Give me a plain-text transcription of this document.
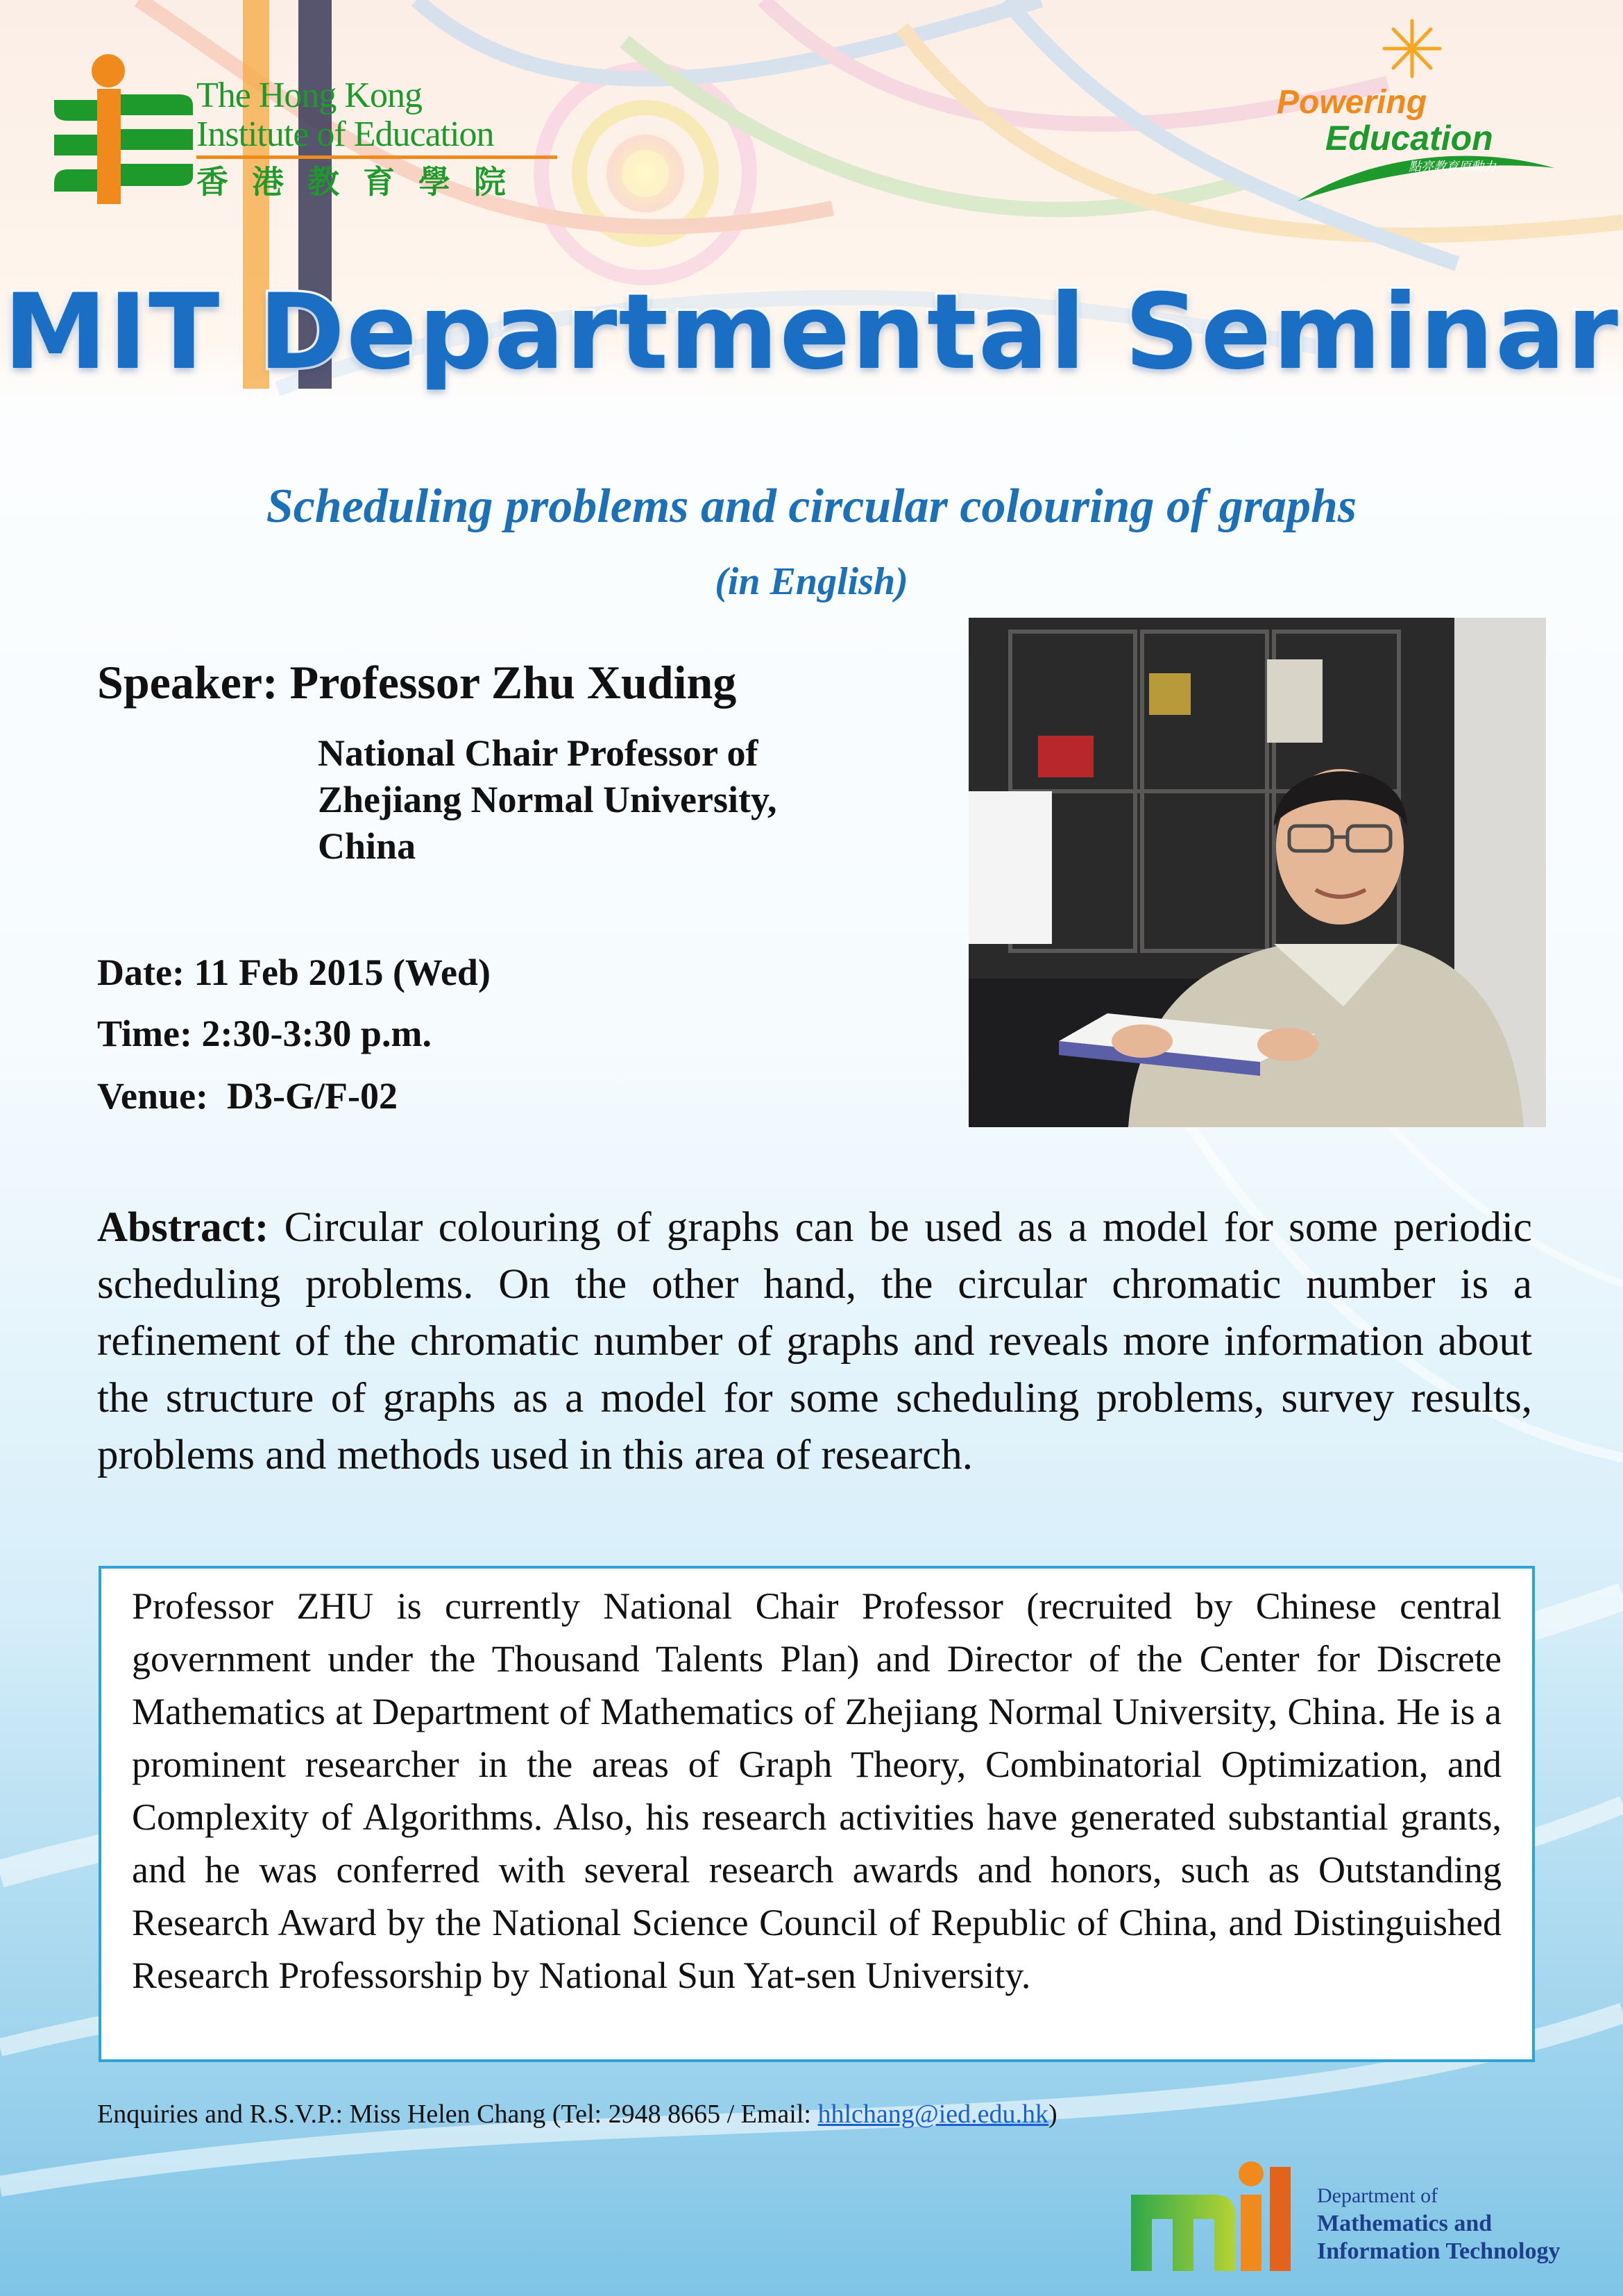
The Hong Kong
Institute of Education
香港教育學院
Powering
Education
點亮教育原動力
MIT Departmental Seminar
Scheduling problems and circular colouring of graphs
(in English)
Speaker: Professor Zhu Xuding
National Chair Professor of
Zhejiang Normal University,
China
Date: 11 Feb 2015 (Wed)
Time: 2:30-3:30 p.m.
Venue: D3-G/F-02
Abstract: Circular colouring of graphs can be used as a model for some periodic scheduling problems. On the other hand, the circular chromatic number is a refinement of the chromatic number of graphs and reveals more information about the structure of graphs as a model for some scheduling problems, survey results, problems and methods used in this area of research.
Professor ZHU is currently National Chair Professor (recruited by Chinese central government under the Thousand Talents Plan) and Director of the Center for Discrete Mathematics at Department of Mathematics of Zhejiang Normal University, China. He is a prominent researcher in the areas of Graph Theory, Combinatorial Optimization, and Complexity of Algorithms. Also, his research activities have generated substantial grants, and he was conferred with several research awards and honors, such as Outstanding Research Award by the National Science Council of Republic of China, and Distinguished Research Professorship by National Sun Yat-sen University.
Enquiries and R.S.V.P.: Miss Helen Chang (Tel: 2948 8665 / Email: hhlchang@ied.edu.hk)
Department of
Mathematics and
Information Technology
